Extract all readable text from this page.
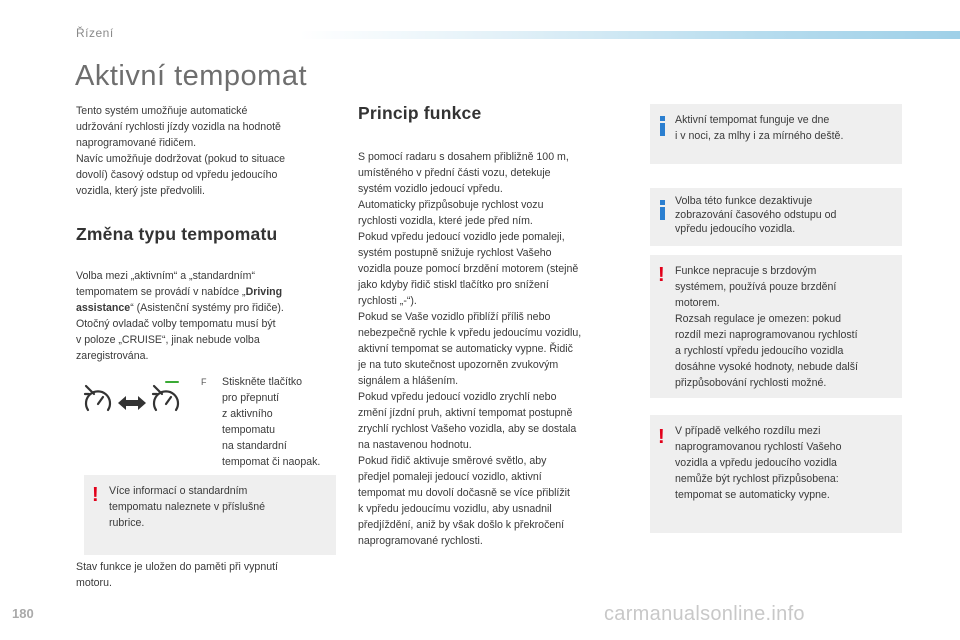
Řízení
Aktivní tempomat
Tento systém umožňuje automatické
udržování rychlosti jízdy vozidla na hodnotě
naprogramované řidičem.
Navíc umožňuje dodržovat (pokud to situace
dovolí) časový odstup od vpředu jedoucího
vozidla, který jste předvolili.
Změna typu tempomatu
Volba mezi „aktivním“ a „standardním“
tempomatem se provádí v nabídce „Driving
assistance“ (Asistenční systémy pro řidiče).
Otočný ovladač volby tempomatu musí být
v poloze „CRUISE“, jinak nebude volba
zaregistrována.
F Stiskněte tlačítko
pro přepnutí
z aktivního
tempomatu
na standardní
tempomat či naopak.
! Více informací o standardním
tempomatu naleznete v příslušné
rubrice.
Stav funkce je uložen do paměti při vypnutí
motoru.
Princip funkce
S pomocí radaru s dosahem přibližně 100 m,
umístěného v přední části vozu, detekuje
systém vozidlo jedoucí vpředu.
Automaticky přizpůsobuje rychlost vozu
rychlosti vozidla, které jede před ním.
Pokud vpředu jedoucí vozidlo jede pomaleji,
systém postupně snižuje rychlost Vašeho
vozidla pouze pomocí brzdění motorem (stejně
jako kdyby řidič stiskl tlačítko pro snížení
rychlosti „-“).
Pokud se Vaše vozidlo přiblíží příliš nebo
nebezpečně rychle k vpředu jedoucímu vozidlu,
aktivní tempomat se automaticky vypne. Řidič
je na tuto skutečnost upozorněn zvukovým
signálem a hlášením.
Pokud vpředu jedoucí vozidlo zrychlí nebo
změní jízdní pruh, aktivní tempomat postupně
zrychlí rychlost Vašeho vozidla, aby se dostala
na nastavenou hodnotu.
Pokud řidič aktivuje směrové světlo, aby
předjel pomaleji jedoucí vozidlo, aktivní
tempomat mu dovolí dočasně se více přiblížit
k vpředu jedoucímu vozidlu, aby usnadnil
předjíždění, aniž by však došlo k překročení
naprogramované rychlosti.
Aktivní tempomat funguje ve dne
i v noci, za mlhy i za mírného deště.
Volba této funkce dezaktivuje
zobrazování časového odstupu od
vpředu jedoucího vozidla.
! Funkce nepracuje s brzdovým
systémem, používá pouze brzdění
motorem.
Rozsah regulace je omezen: pokud
rozdíl mezi naprogramovanou rychlostí
a rychlostí vpředu jedoucího vozidla
dosáhne vysoké hodnoty, nebude další
přizpůsobování rychlosti možné.
! V případě velkého rozdílu mezi
naprogramovanou rychlostí Vašeho
vozidla a vpředu jedoucího vozidla
nemůže být rychlost přizpůsobena:
tempomat se automaticky vypne.
180	carmanualsonline.info
